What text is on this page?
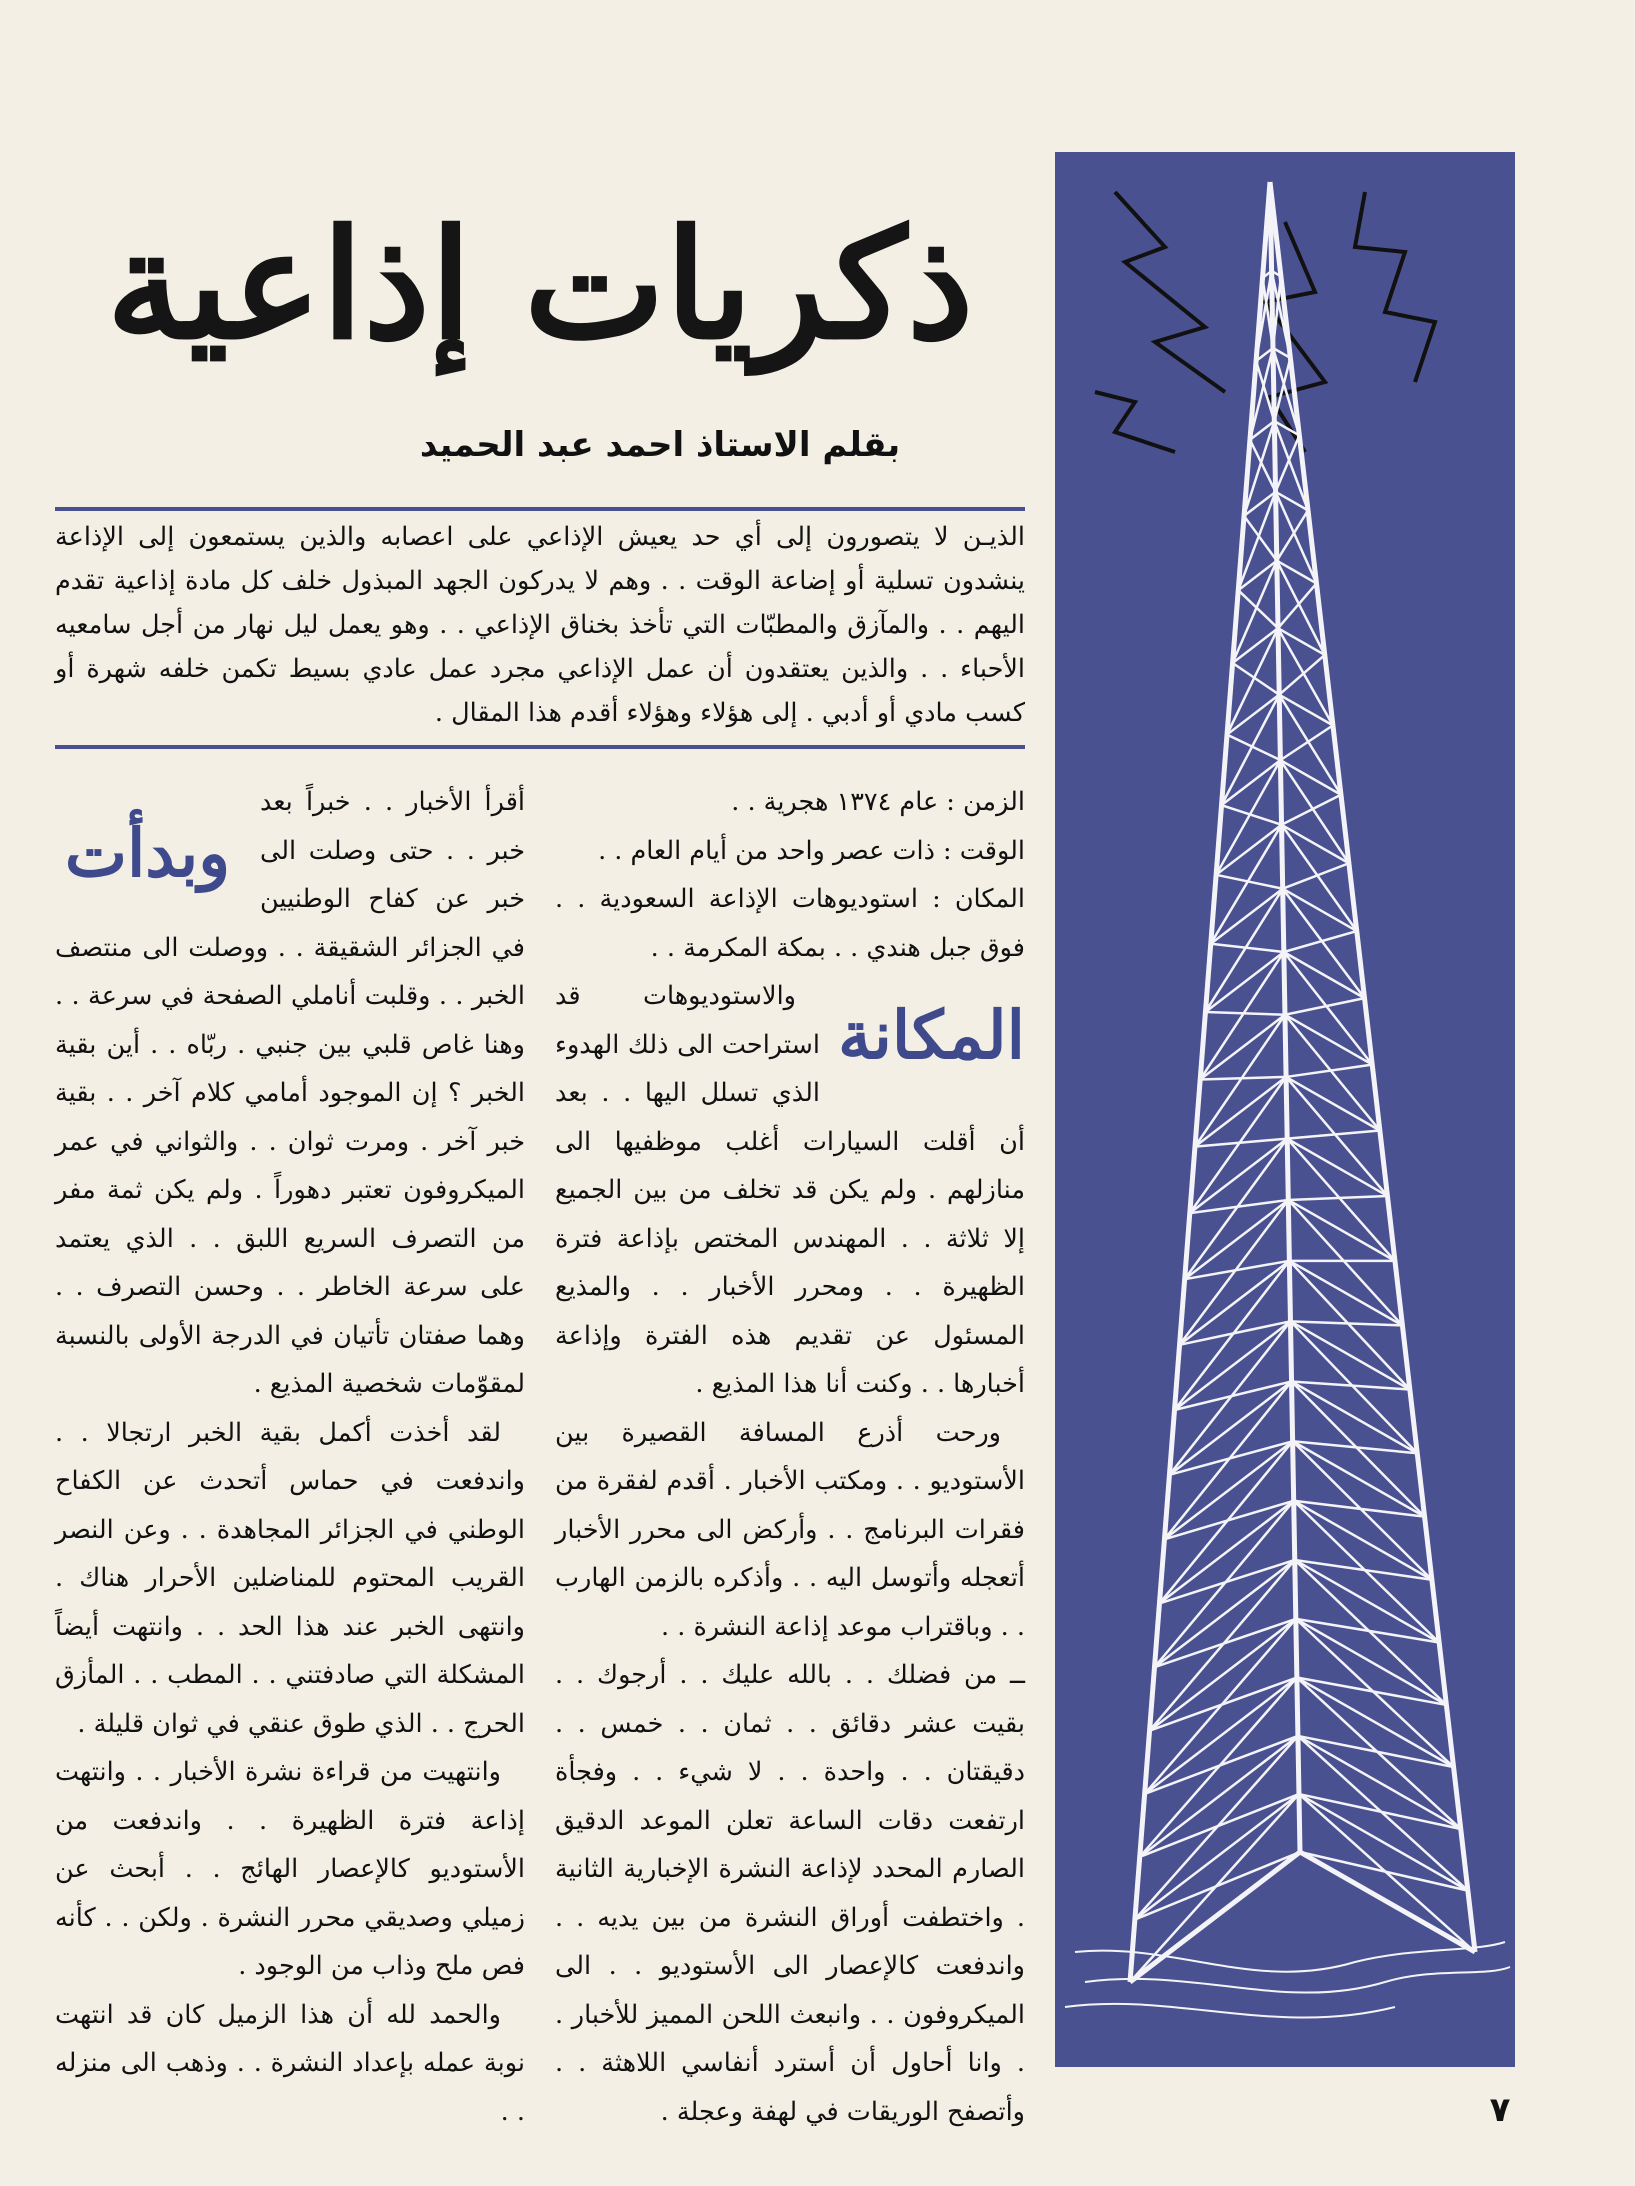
ذكريات إذاعية
بقلم الاستاذ احمد عبد الحميد

الذيـن لا يتصورون إلى أي حد يعيش الإذاعي على اعصابه والذين يستمعون إلى الإذاعة ينشدون تسلية أو إضاعة الوقت . . وهم لا يدركون الجهد المبذول خلف كل مادة إذاعية تقدم اليهم . . والمآزق والمطبّات التي تأخذ بخناق الإذاعي . . وهو يعمل ليل نهار من أجل سامعيه الأحباء . . والذين يعتقدون أن عمل الإذاعي مجرد عمل عادي بسيط تكمن خلفه شهرة أو كسب مادي أو أدبي . إلى هؤلاء وهؤلاء أقدم هذا المقال .

الزمن : عام ١٣٧٤ هجرية . .

الوقت : ذات عصر واحد من أيام العام . .

المكان : استوديوهات الإذاعة السعودية . . فوق جبل هندي . . بمكة المكرمة . .

المكانة

والاستوديوهات قد استراحت الى ذلك الهدوء الذي تسلل اليها . . بعد أن أقلت السيارات أغلب موظفيها الى منازلهم . ولم يكن قد تخلف من بين الجميع إلا ثلاثة . . المهندس المختص بإذاعة فترة الظهيرة . . ومحرر الأخبار . . والمذيع المسئول عن تقديم هذه الفترة وإذاعة أخبارها . . وكنت أنا هذا المذيع .

ورحت أذرع المسافة القصيرة بين الأستوديو . . ومكتب الأخبار . أقدم لفقرة من فقرات البرنامج . . وأركض الى محرر الأخبار أتعجله وأتوسل اليه . . وأذكره بالزمن الهارب . . وباقتراب موعد إذاعة النشرة . .

ــ من فضلك . . بالله عليك . . أرجوك . . بقيت عشر دقائق . . ثمان . . خمس . . دقيقتان . . واحدة . . لا شيء . . وفجأة ارتفعت دقات الساعة تعلن الموعد الدقيق الصارم المحدد لإذاعة النشرة الإخبارية الثانية . واختطفت أوراق النشرة من بين يديه . . واندفعت كالإعصار الى الأستوديو . . الى الميكروفون . . وانبعث اللحن المميز للأخبار . . وانا أحاول أن أسترد أنفاسي اللاهثة . . وأتصفح الوريقات في لهفة وعجلة .

وبدأت

أقرأ الأخبار . . خبراً بعد خبر . . حتى وصلت الى خبر عن كفاح الوطنيين في الجزائر الشقيقة . . ووصلت الى منتصف الخبر . . وقلبت أناملي الصفحة في سرعة . . وهنا غاص قلبي بين جنبي . ربّاه . . أين بقية الخبر ؟ إن الموجود أمامي كلام آخر . . بقية خبر آخر . ومرت ثوان . . والثواني في عمر الميكروفون تعتبر دهوراً . ولم يكن ثمة مفر من التصرف السريع اللبق . . الذي يعتمد على سرعة الخاطر . . وحسن التصرف . . وهما صفتان تأتيان في الدرجة الأولى بالنسبة لمقوّمات شخصية المذيع .

لقد أخذت أكمل بقية الخبر ارتجالا . . واندفعت في حماس أتحدث عن الكفاح الوطني في الجزائر المجاهدة . . وعن النصر القريب المحتوم للمناضلين الأحرار هناك . وانتهى الخبر عند هذا الحد . . وانتهت أيضاً المشكلة التي صادفتني . . المطب . . المأزق الحرج . . الذي طوق عنقي في ثوان قليلة .

وانتهيت من قراءة نشرة الأخبار . . وانتهت إذاعة فترة الظهيرة . . واندفعت من الأستوديو كالإعصار الهائج . . أبحث عن زميلي وصديقي محرر النشرة . ولكن . . كأنه فص ملح وذاب من الوجود .

والحمد لله أن هذا الزميل كان قد انتهت نوبة عمله بإعداد النشرة . . وذهب الى منزله . .	٧
